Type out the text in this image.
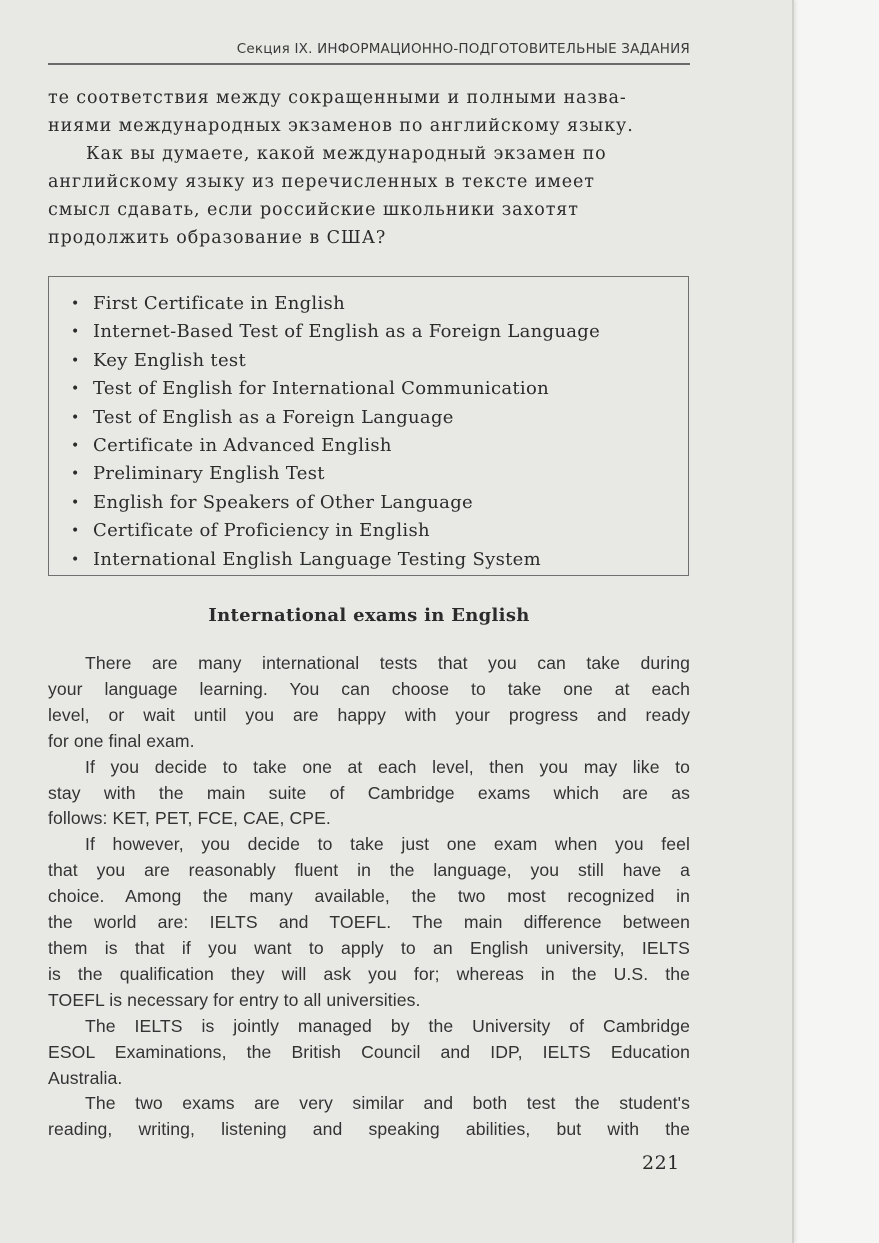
Секция IX. ИНФОРМАЦИОННО-ПОДГОТОВИТЕЛЬНЫЕ ЗАДАНИЯ
те соответствия между сокращенными и полными назва-
ниями международных экзаменов по английскому языку.
Как вы думаете, какой международный экзамен по
английскому языку из перечисленных в тексте имеет
смысл сдавать, если российские школьники захотят
продолжить образование в США?
• First Certificate in English
• Internet-Based Test of English as a Foreign Language
• Key English test
• Test of English for International Communication
• Test of English as a Foreign Language
• Certificate in Advanced English
• Preliminary English Test
• English for Speakers of Other Language
• Certificate of Proficiency in English
• International English Language Testing System
International exams in English
There are many international tests that you can take during
your language learning. You can choose to take one at each
level, or wait until you are happy with your progress and ready
for one final exam.
If you decide to take one at each level, then you may like to
stay with the main suite of Cambridge exams which are as
follows: KET, PET, FCE, CAE, CPE.
If however, you decide to take just one exam when you feel
that you are reasonably fluent in the language, you still have a
choice. Among the many available, the two most recognized in
the world are: IELTS and TOEFL. The main difference between
them is that if you want to apply to an English university, IELTS
is the qualification they will ask you for; whereas in the U.S. the
TOEFL is necessary for entry to all universities.
The IELTS is jointly managed by the University of Cambridge
ESOL Examinations, the British Council and IDP, IELTS Education
Australia.
The two exams are very similar and both test the student's
reading, writing, listening and speaking abilities, but with the
221
